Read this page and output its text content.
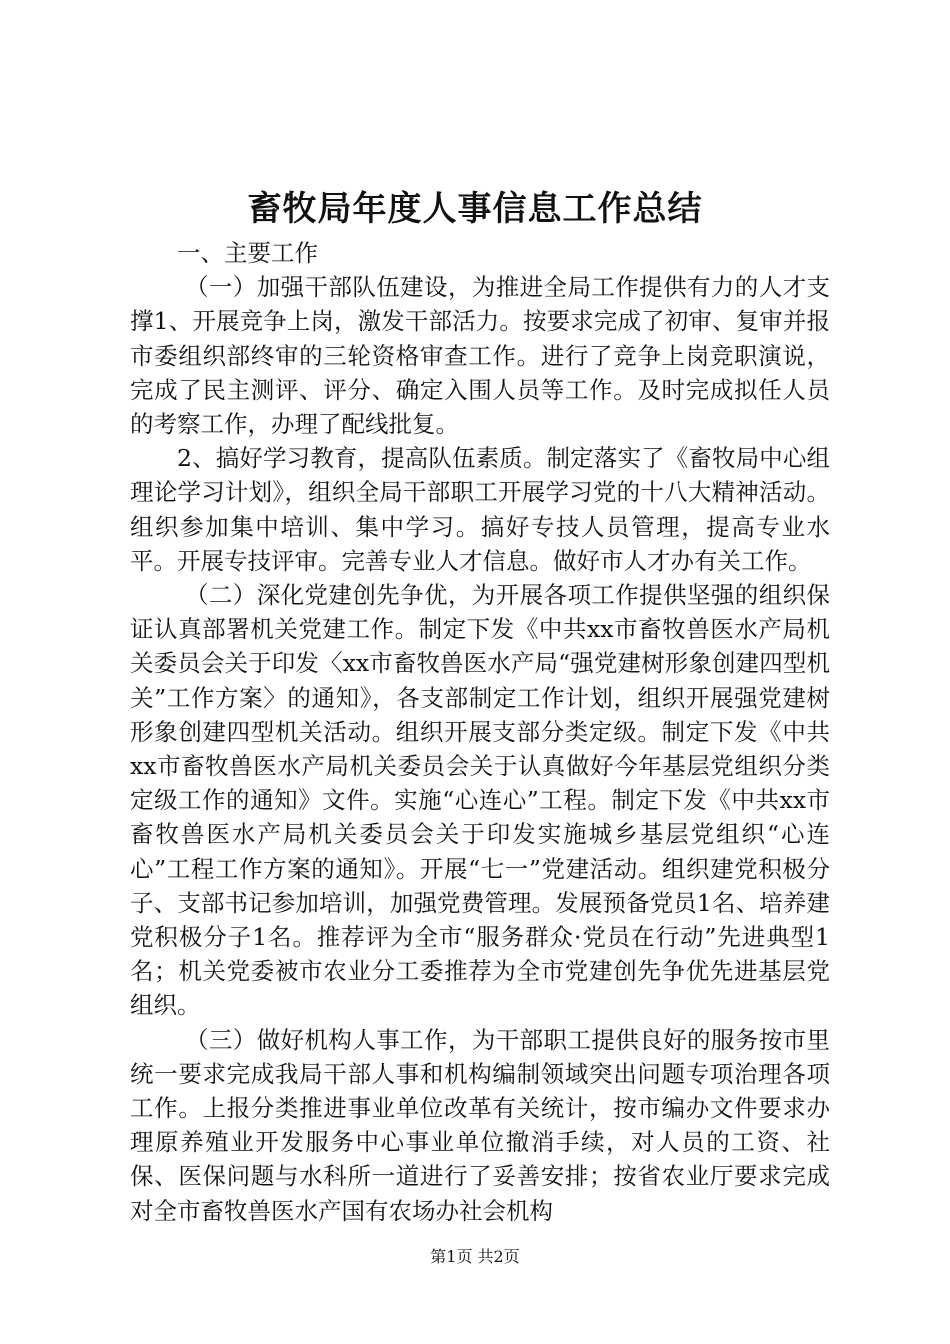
畜牧局年度人事信息工作总结

一、主要工作

（一）加强干部队伍建设，为推进全局工作提供有力的人才支撑1、开展竞争上岗，激发干部活力。按要求完成了初审、复审并报市委组织部终审的三轮资格审查工作。进行了竞争上岗竞职演说，完成了民主测评、评分、确定入围人员等工作。及时完成拟任人员的考察工作，办理了配线批复。

2、搞好学习教育，提高队伍素质。制定落实了《畜牧局中心组理论学习计划》，组织全局干部职工开展学习党的十八大精神活动。组织参加集中培训、集中学习。搞好专技人员管理，提高专业水平。开展专技评审。完善专业人才信息。做好市人才办有关工作。

（二）深化党建创先争优，为开展各项工作提供坚强的组织保证认真部署机关党建工作。制定下发《中共xx市畜牧兽医水产局机关委员会关于印发〈xx市畜牧兽医水产局“强党建树形象创建四型机关”工作方案〉的通知》，各支部制定工作计划，组织开展强党建树形象创建四型机关活动。组织开展支部分类定级。制定下发《中共xx市畜牧兽医水产局机关委员会关于认真做好今年基层党组织分类定级工作的通知》文件。实施“心连心”工程。制定下发《中共xx市畜牧兽医水产局机关委员会关于印发实施城乡基层党组织“心连心”工程工作方案的通知》。开展“七一”党建活动。组织建党积极分子、支部书记参加培训，加强党费管理。发展预备党员1名、培养建党积极分子1名。推荐评为全市“服务群众·党员在行动”先进典型1名；机关党委被市农业分工委推荐为全市党建创先争优先进基层党组织。

（三）做好机构人事工作，为干部职工提供良好的服务按市里统一要求完成我局干部人事和机构编制领域突出问题专项治理各项工作。上报分类推进事业单位改革有关统计，按市编办文件要求办理原养殖业开发服务中心事业单位撤消手续，对人员的工资、社保、医保问题与水科所一道进行了妥善安排；按省农业厅要求完成对全市畜牧兽医水产国有农场办社会机构

第1页 共2页
